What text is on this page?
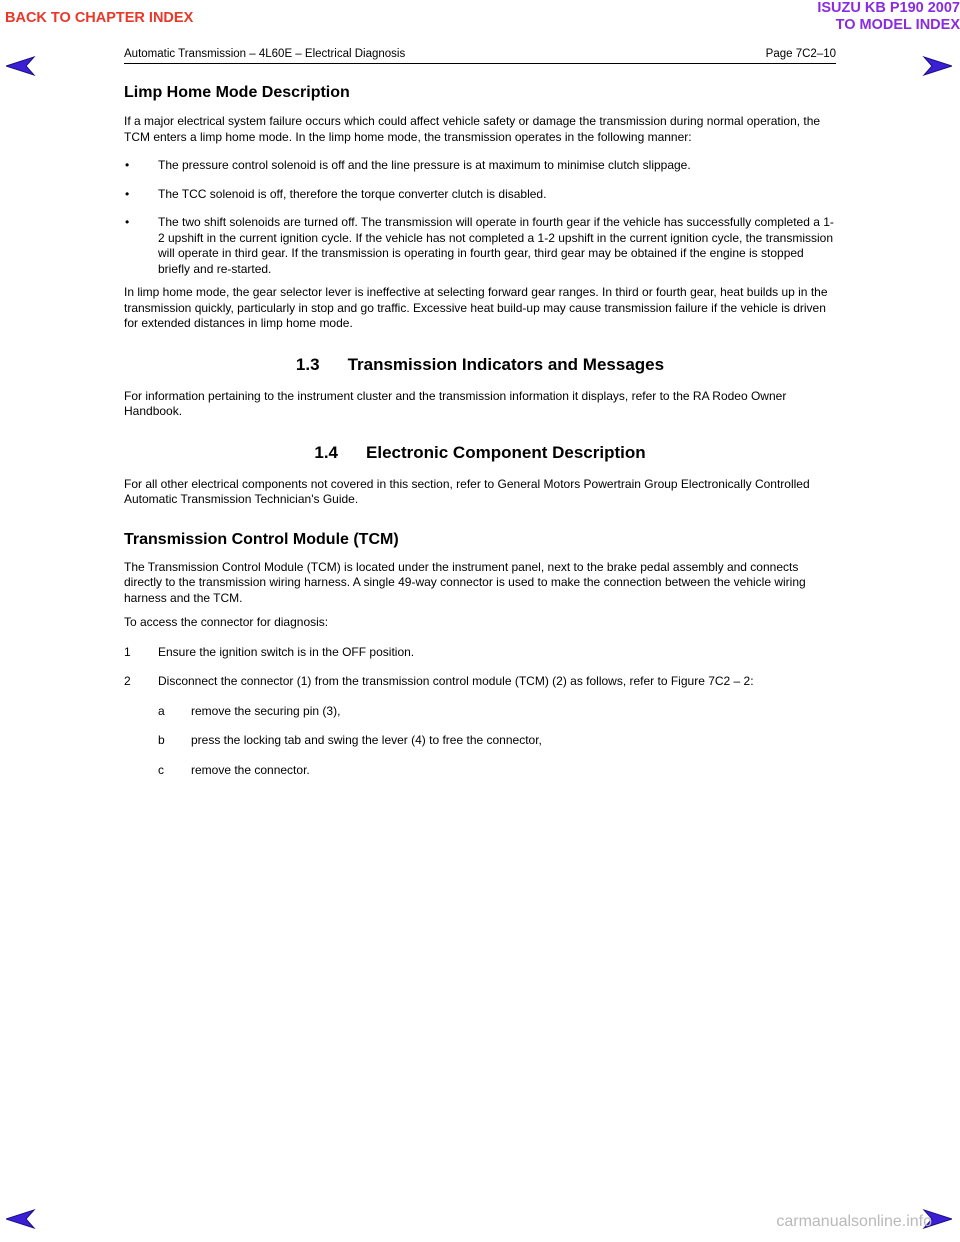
BACK TO CHAPTER INDEX
ISUZU KB P190 2007
TO MODEL INDEX
Automatic Transmission – 4L60E – Electrical Diagnosis	Page 7C2–10
Limp Home Mode Description

If a major electrical system failure occurs which could affect vehicle safety or damage the transmission during normal operation, the TCM enters a limp home mode. In the limp home mode, the transmission operates in the following manner:

• The pressure control solenoid is off and the line pressure is at maximum to minimise clutch slippage.
• The TCC solenoid is off, therefore the torque converter clutch is disabled.
• The two shift solenoids are turned off. The transmission will operate in fourth gear if the vehicle has successfully completed a 1-2 upshift in the current ignition cycle. If the vehicle has not completed a 1-2 upshift in the current ignition cycle, the transmission will operate in third gear. If the transmission is operating in fourth gear, third gear may be obtained if the engine is stopped briefly and re-started.

In limp home mode, the gear selector lever is ineffective at selecting forward gear ranges. In third or fourth gear, heat builds up in the transmission quickly, particularly in stop and go traffic. Excessive heat build-up may cause transmission failure if the vehicle is driven for extended distances in limp home mode.

1.3 Transmission Indicators and Messages

For information pertaining to the instrument cluster and the transmission information it displays, refer to the RA Rodeo Owner Handbook.

1.4 Electronic Component Description

For all other electrical components not covered in this section, refer to General Motors Powertrain Group Electronically Controlled Automatic Transmission Technician's Guide.

Transmission Control Module (TCM)

The Transmission Control Module (TCM) is located under the instrument panel, next to the brake pedal assembly and connects directly to the transmission wiring harness. A single 49-way connector is used to make the connection between the vehicle wiring harness and the TCM.

To access the connector for diagnosis:

1 Ensure the ignition switch is in the OFF position.
2 Disconnect the connector (1) from the transmission control module (TCM) (2) as follows, refer to Figure 7C2 – 2:
a remove the securing pin (3),
b press the locking tab and swing the lever (4) to free the connector,
c remove the connector.
carmanualsonline.info
